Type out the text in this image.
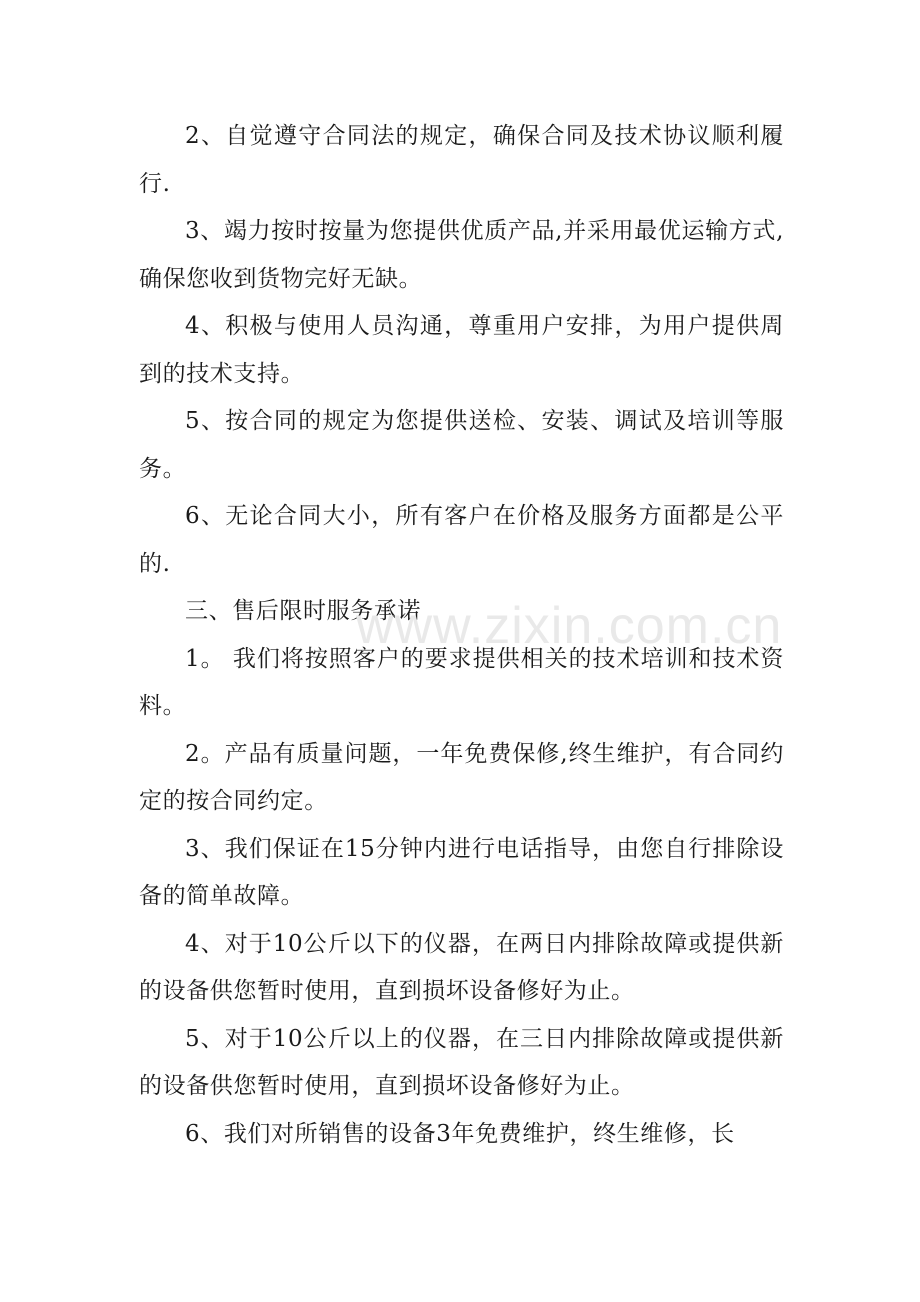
2、自觉遵守合同法的规定，确保合同及技术协议顺利履行.

3、竭力按时按量为您提供优质产品,并采用最优运输方式,确保您收到货物完好无缺。

4、积极与使用人员沟通，尊重用户安排，为用户提供周到的技术支持。

5、按合同的规定为您提供送检、安装、调试及培训等服务。

6、无论合同大小，所有客户在价格及服务方面都是公平的.

三、售后限时服务承诺

1。 我们将按照客户的要求提供相关的技术培训和技术资料。

2。产品有质量问题，一年免费保修,终生维护，有合同约定的按合同约定。

3、我们保证在15分钟内进行电话指导，由您自行排除设备的简单故障。

4、对于10公斤以下的仪器，在两日内排除故障或提供新的设备供您暂时使用，直到损坏设备修好为止。

5、对于10公斤以上的仪器，在三日内排除故障或提供新的设备供您暂时使用，直到损坏设备修好为止。

6、我们对所销售的设备3年免费维护，终生维修，长

www.zixin.com.cn
